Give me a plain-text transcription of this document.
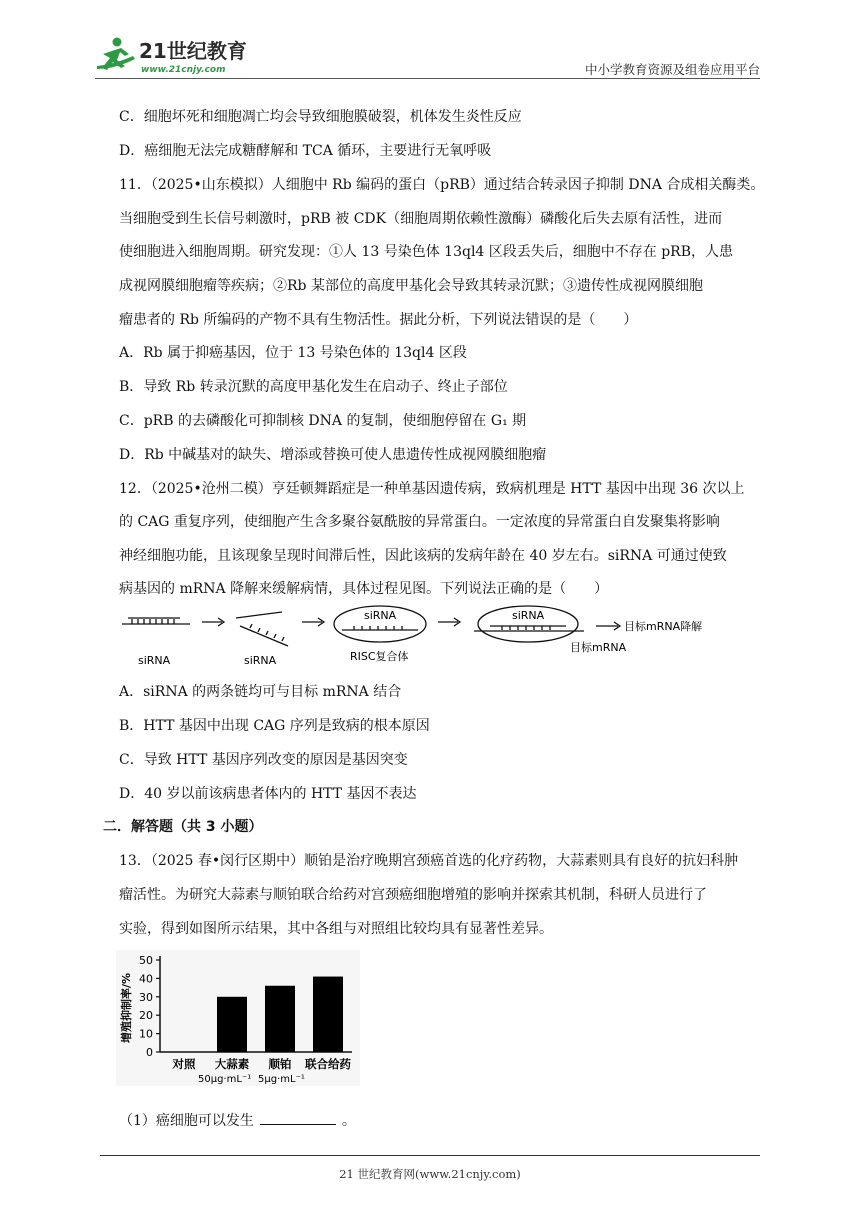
21世纪教育
www.21cnjy.com	中小学教育资源及组卷应用平台
C．细胞坏死和细胞凋亡均会导致细胞膜破裂，机体发生炎性反应
D．癌细胞无法完成糖酵解和 TCA 循环，主要进行无氧呼吸
11．（2025•山东模拟）人细胞中 Rb 编码的蛋白（pRB）通过结合转录因子抑制 DNA 合成相关酶类。
当细胞受到生长信号刺激时，pRB 被 CDK（细胞周期依赖性激酶）磷酸化后失去原有活性，进而
使细胞进入细胞周期。研究发现：①人 13 号染色体 13ql4 区段丢失后，细胞中不存在 pRB，人患
成视网膜细胞瘤等疾病；②Rb 某部位的高度甲基化会导致其转录沉默；③遗传性成视网膜细胞
瘤患者的 Rb 所编码的产物不具有生物活性。据此分析，下列说法错误的是（　　）
A．Rb 属于抑癌基因，位于 13 号染色体的 13ql4 区段
B．导致 Rb 转录沉默的高度甲基化发生在启动子、终止子部位
C．pRB 的去磷酸化可抑制核 DNA 的复制，使细胞停留在 G₁ 期
D．Rb 中碱基对的缺失、增添或替换可使人患遗传性成视网膜细胞瘤
12．（2025•沧州二模）亨廷顿舞蹈症是一种单基因遗传病，致病机理是 HTT 基因中出现 36 次以上
的 CAG 重复序列，使细胞产生含多聚谷氨酰胺的异常蛋白。一定浓度的异常蛋白自发聚集将影响
神经细胞功能，且该现象呈现时间滞后性，因此该病的发病年龄在 40 岁左右。siRNA 可通过使致
病基因的 mRNA 降解来缓解病情，具体过程见图。下列说法正确的是（　　）
siRNA	siRNA
siRNA
RISC复合体
siRNA
目标mRNA
目标mRNA降解
A．siRNA 的两条链均可与目标 mRNA 结合
B．HTT 基因中出现 CAG 序列是致病的根本原因
C．导致 HTT 基因序列改变的原因是基因突变
D．40 岁以前该病患者体内的 HTT 基因不表达
二．解答题（共 3 小题）
13．（2025 春•闵行区期中）顺铂是治疗晚期宫颈癌首选的化疗药物，大蒜素则具有良好的抗妇科肿
瘤活性。为研究大蒜素与顺铂联合给药对宫颈癌细胞增殖的影响并探索其机制，科研人员进行了
实验，得到如图所示结果，其中各组与对照组比较均具有显著性差异。
增殖抑制率/%
0
10
20
30
40
50
对照 大蒜素 顺铂 联合给药
50μg·mL⁻¹ 5μg·mL⁻¹
（1）癌细胞可以发生	。
21 世纪教育网(www.21cnjy.com)
